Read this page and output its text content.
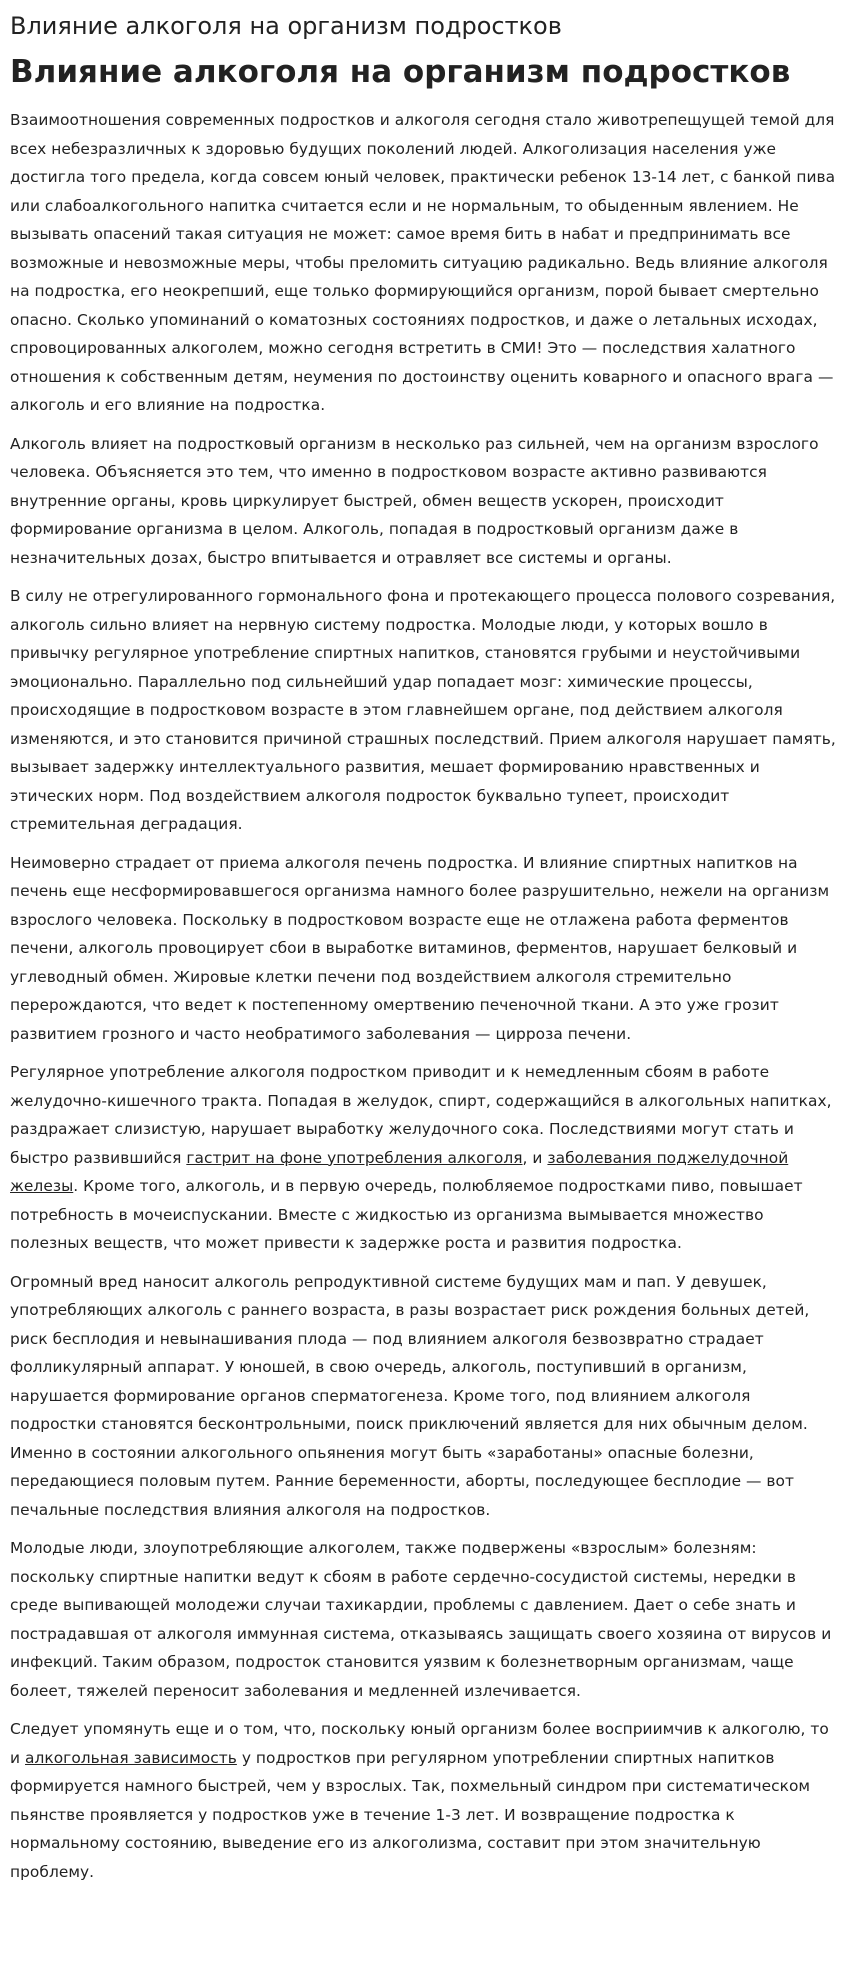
Влияние алкоголя на организм подростков
Влияние алкоголя на организм подростков

Взаимоотношения современных подростков и алкоголя сегодня стало животрепещущей темой для всех небезразличных к здоровью будущих поколений людей. Алкоголизация населения уже достигла того предела, когда совсем юный человек, практически ребенок 13-14 лет, с банкой пива или слабоалкогольного напитка считается если и не нормальным, то обыденным явлением. Не вызывать опасений такая ситуация не может: самое время бить в набат и предпринимать все возможные и невозможные меры, чтобы преломить ситуацию радикально. Ведь влияние алкоголя на подростка, его неокрепший, еще только формирующийся организм, порой бывает смертельно опасно. Сколько упоминаний о коматозных состояниях подростков, и даже о летальных исходах, спровоцированных алкоголем, можно сегодня встретить в СМИ! Это — последствия халатного отношения к собственным детям, неумения по достоинству оценить коварного и опасного врага — алкоголь и его влияние на подростка.

Алкоголь влияет на подростковый организм в несколько раз сильней, чем на организм взрослого человека. Объясняется это тем, что именно в подростковом возрасте активно развиваются внутренние органы, кровь циркулирует быстрей, обмен веществ ускорен, происходит формирование организма в целом. Алкоголь, попадая в подростковый организм даже в незначительных дозах, быстро впитывается и отравляет все системы и органы.

В силу не отрегулированного гормонального фона и протекающего процесса полового созревания, алкоголь сильно влияет на нервную систему подростка. Молодые люди, у которых вошло в привычку регулярное употребление спиртных напитков, становятся грубыми и неустойчивыми эмоционально. Параллельно под сильнейший удар попадает мозг: химические процессы, происходящие в подростковом возрасте в этом главнейшем органе, под действием алкоголя изменяются, и это становится причиной страшных последствий. Прием алкоголя нарушает память, вызывает задержку интеллектуального развития, мешает формированию нравственных и этических норм. Под воздействием алкоголя подросток буквально тупеет, происходит стремительная деградация.

Неимоверно страдает от приема алкоголя печень подростка. И влияние спиртных напитков на печень еще несформировавшегося организма намного более разрушительно, нежели на организм взрослого человека. Поскольку в подростковом возрасте еще не отлажена работа ферментов печени, алкоголь провоцирует сбои в выработке витаминов, ферментов, нарушает белковый и углеводный обмен. Жировые клетки печени под воздействием алкоголя стремительно перерождаются, что ведет к постепенному омертвению печеночной ткани. А это уже грозит развитием грозного и часто необратимого заболевания — цирроза печени.

Регулярное употребление алкоголя подростком приводит и к немедленным сбоям в работе желудочно-кишечного тракта. Попадая в желудок, спирт, содержащийся в алкогольных напитках, раздражает слизистую, нарушает выработку желудочного сока. Последствиями могут стать и быстро развившийся гастрит на фоне употребления алкоголя, и заболевания поджелудочной железы. Кроме того, алкоголь, и в первую очередь, полюбляемое подростками пиво, повышает потребность в мочеиспускании. Вместе с жидкостью из организма вымывается множество полезных веществ, что может привести к задержке роста и развития подростка.

Огромный вред наносит алкоголь репродуктивной системе будущих мам и пап. У девушек, употребляющих алкоголь с раннего возраста, в разы возрастает риск рождения больных детей, риск бесплодия и невынашивания плода — под влиянием алкоголя безвозвратно страдает фолликулярный аппарат. У юношей, в свою очередь, алкоголь, поступивший в организм, нарушается формирование органов сперматогенеза. Кроме того, под влиянием алкоголя подростки становятся бесконтрольными, поиск приключений является для них обычным делом. Именно в состоянии алкогольного опьянения могут быть «заработаны» опасные болезни, передающиеся половым путем. Ранние беременности, аборты, последующее бесплодие — вот печальные последствия влияния алкоголя на подростков.

Молодые люди, злоупотребляющие алкоголем, также подвержены «взрослым» болезням: поскольку спиртные напитки ведут к сбоям в работе сердечно-сосудистой системы, нередки в среде выпивающей молодежи случаи тахикардии, проблемы с давлением. Дает о себе знать и пострадавшая от алкоголя иммунная система, отказываясь защищать своего хозяина от вирусов и инфекций. Таким образом, подросток становится уязвим к болезнетворным организмам, чаще болеет, тяжелей переносит заболевания и медленней излечивается.

Следует упомянуть еще и о том, что, поскольку юный организм более восприимчив к алкоголю, то и алкогольная зависимость у подростков при регулярном употреблении спиртных напитков формируется намного быстрей, чем у взрослых. Так, похмельный синдром при систематическом пьянстве проявляется у подростков уже в течение 1-3 лет. И возвращение подростка к нормальному состоянию, выведение его из алкоголизма, составит при этом значительную проблему.
